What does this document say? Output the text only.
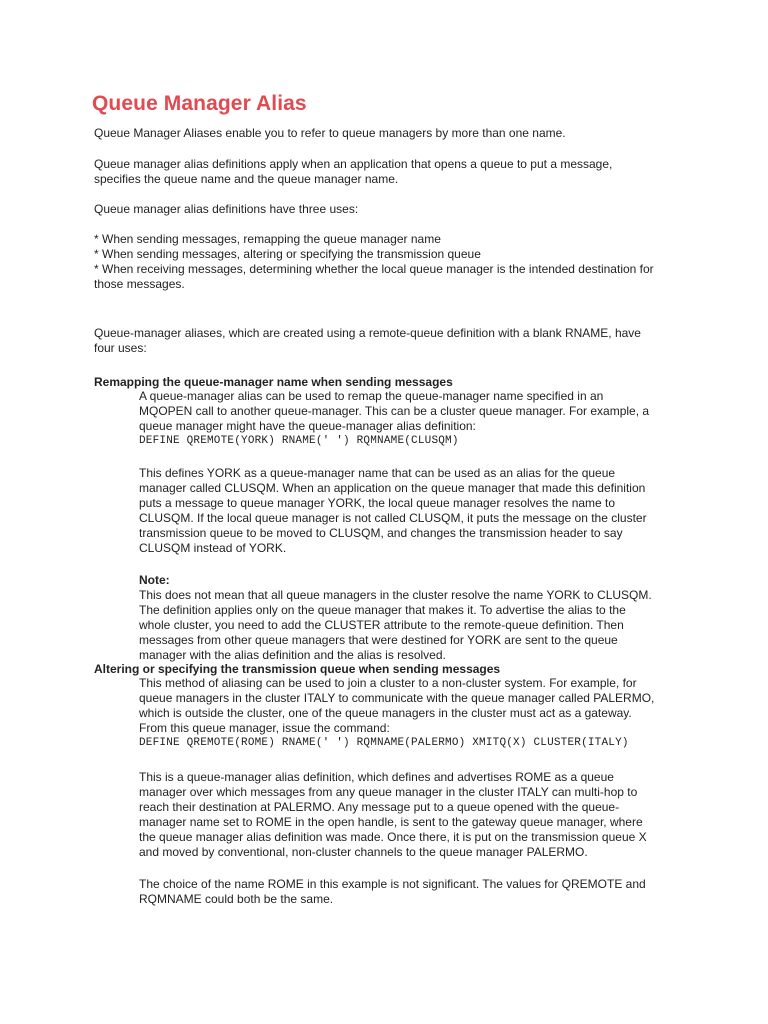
Queue Manager Alias

Queue Manager Aliases enable you to refer to queue managers by more than one name.

Queue manager alias definitions apply when an application that opens a queue to put a message,
specifies the queue name and the queue manager name.

Queue manager alias definitions have three uses:

* When sending messages, remapping the queue manager name
* When sending messages, altering or specifying the transmission queue
* When receiving messages, determining whether the local queue manager is the intended destination for
those messages.

Queue-manager aliases, which are created using a remote-queue definition with a blank RNAME, have
four uses:

Remapping the queue-manager name when sending messages

A queue-manager alias can be used to remap the queue-manager name specified in an
MQOPEN call to another queue-manager. This can be a cluster queue manager. For example, a
queue manager might have the queue-manager alias definition:
DEFINE QREMOTE(YORK) RNAME(' ') RQMNAME(CLUSQM)

This defines YORK as a queue-manager name that can be used as an alias for the queue
manager called CLUSQM. When an application on the queue manager that made this definition
puts a message to queue manager YORK, the local queue manager resolves the name to
CLUSQM. If the local queue manager is not called CLUSQM, it puts the message on the cluster
transmission queue to be moved to CLUSQM, and changes the transmission header to say
CLUSQM instead of YORK.

Note:
This does not mean that all queue managers in the cluster resolve the name YORK to CLUSQM.
The definition applies only on the queue manager that makes it. To advertise the alias to the
whole cluster, you need to add the CLUSTER attribute to the remote-queue definition. Then
messages from other queue managers that were destined for YORK are sent to the queue
manager with the alias definition and the alias is resolved.

Altering or specifying the transmission queue when sending messages

This method of aliasing can be used to join a cluster to a non-cluster system. For example, for
queue managers in the cluster ITALY to communicate with the queue manager called PALERMO,
which is outside the cluster, one of the queue managers in the cluster must act as a gateway.
From this queue manager, issue the command:
DEFINE QREMOTE(ROME) RNAME(' ') RQMNAME(PALERMO) XMITQ(X) CLUSTER(ITALY)

This is a queue-manager alias definition, which defines and advertises ROME as a queue
manager over which messages from any queue manager in the cluster ITALY can multi-hop to
reach their destination at PALERMO. Any message put to a queue opened with the queue-
manager name set to ROME in the open handle, is sent to the gateway queue manager, where
the queue manager alias definition was made. Once there, it is put on the transmission queue X
and moved by conventional, non-cluster channels to the queue manager PALERMO.

The choice of the name ROME in this example is not significant. The values for QREMOTE and
RQMNAME could both be the same.
